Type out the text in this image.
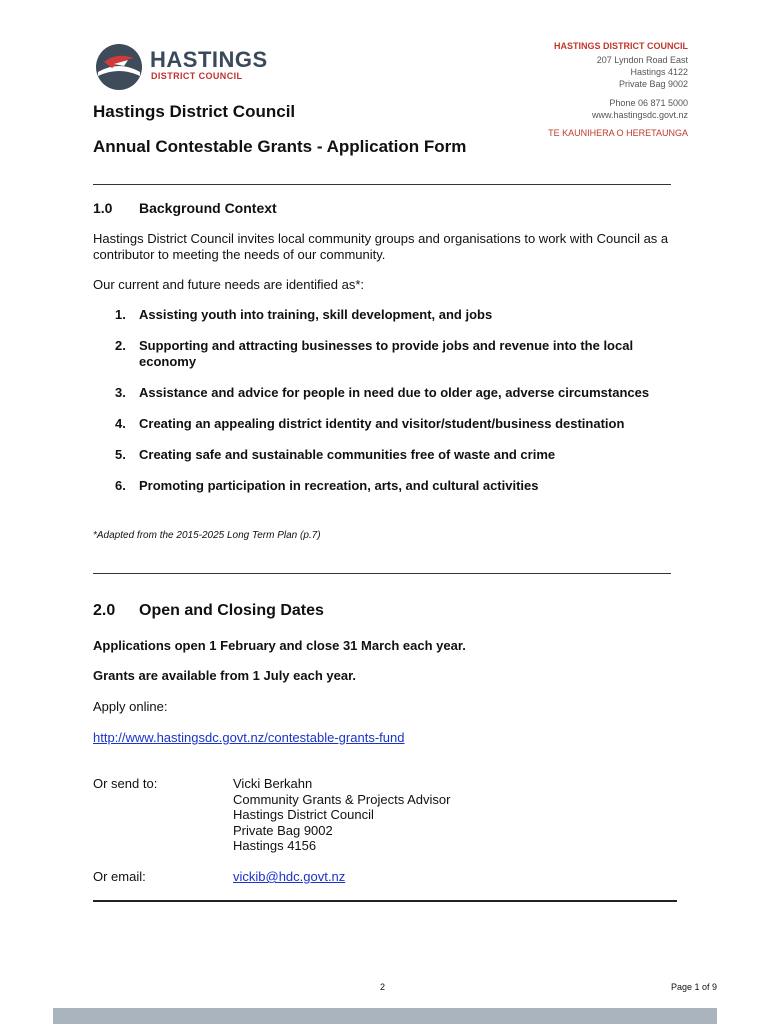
HASTINGS
DISTRICT COUNCIL
HASTINGS DISTRICT COUNCIL
207 Lyndon Road East
Hastings 4122
Private Bag 9002
Phone 06 871 5000
www.hastingsdc.govt.nz
TE KAUNIHERA O HERETAUNGA
Hastings District Council
Annual Contestable Grants - Application Form
1.0 Background Context
Hastings District Council invites local community groups and organisations to work with Council as a contributor to meeting the needs of our community.
Our current and future needs are identified as*:
1. Assisting youth into training, skill development, and jobs
2. Supporting and attracting businesses to provide jobs and revenue into the local economy
3. Assistance and advice for people in need due to older age, adverse circumstances
4. Creating an appealing district identity and visitor/student/business destination
5. Creating safe and sustainable communities free of waste and crime
6. Promoting participation in recreation, arts, and cultural activities
*Adapted from the 2015-2025 Long Term Plan (p.7)
2.0 Open and Closing Dates
Applications open 1 February and close 31 March each year.
Grants are available from 1 July each year.
Apply online:
http://www.hastingsdc.govt.nz/contestable-grants-fund
Or send to:	Vicki Berkahn
Community Grants & Projects Advisor
Hastings District Council
Private Bag 9002
Hastings 4156
Or email:	vickib@hdc.govt.nz
2	Page 1 of 9
